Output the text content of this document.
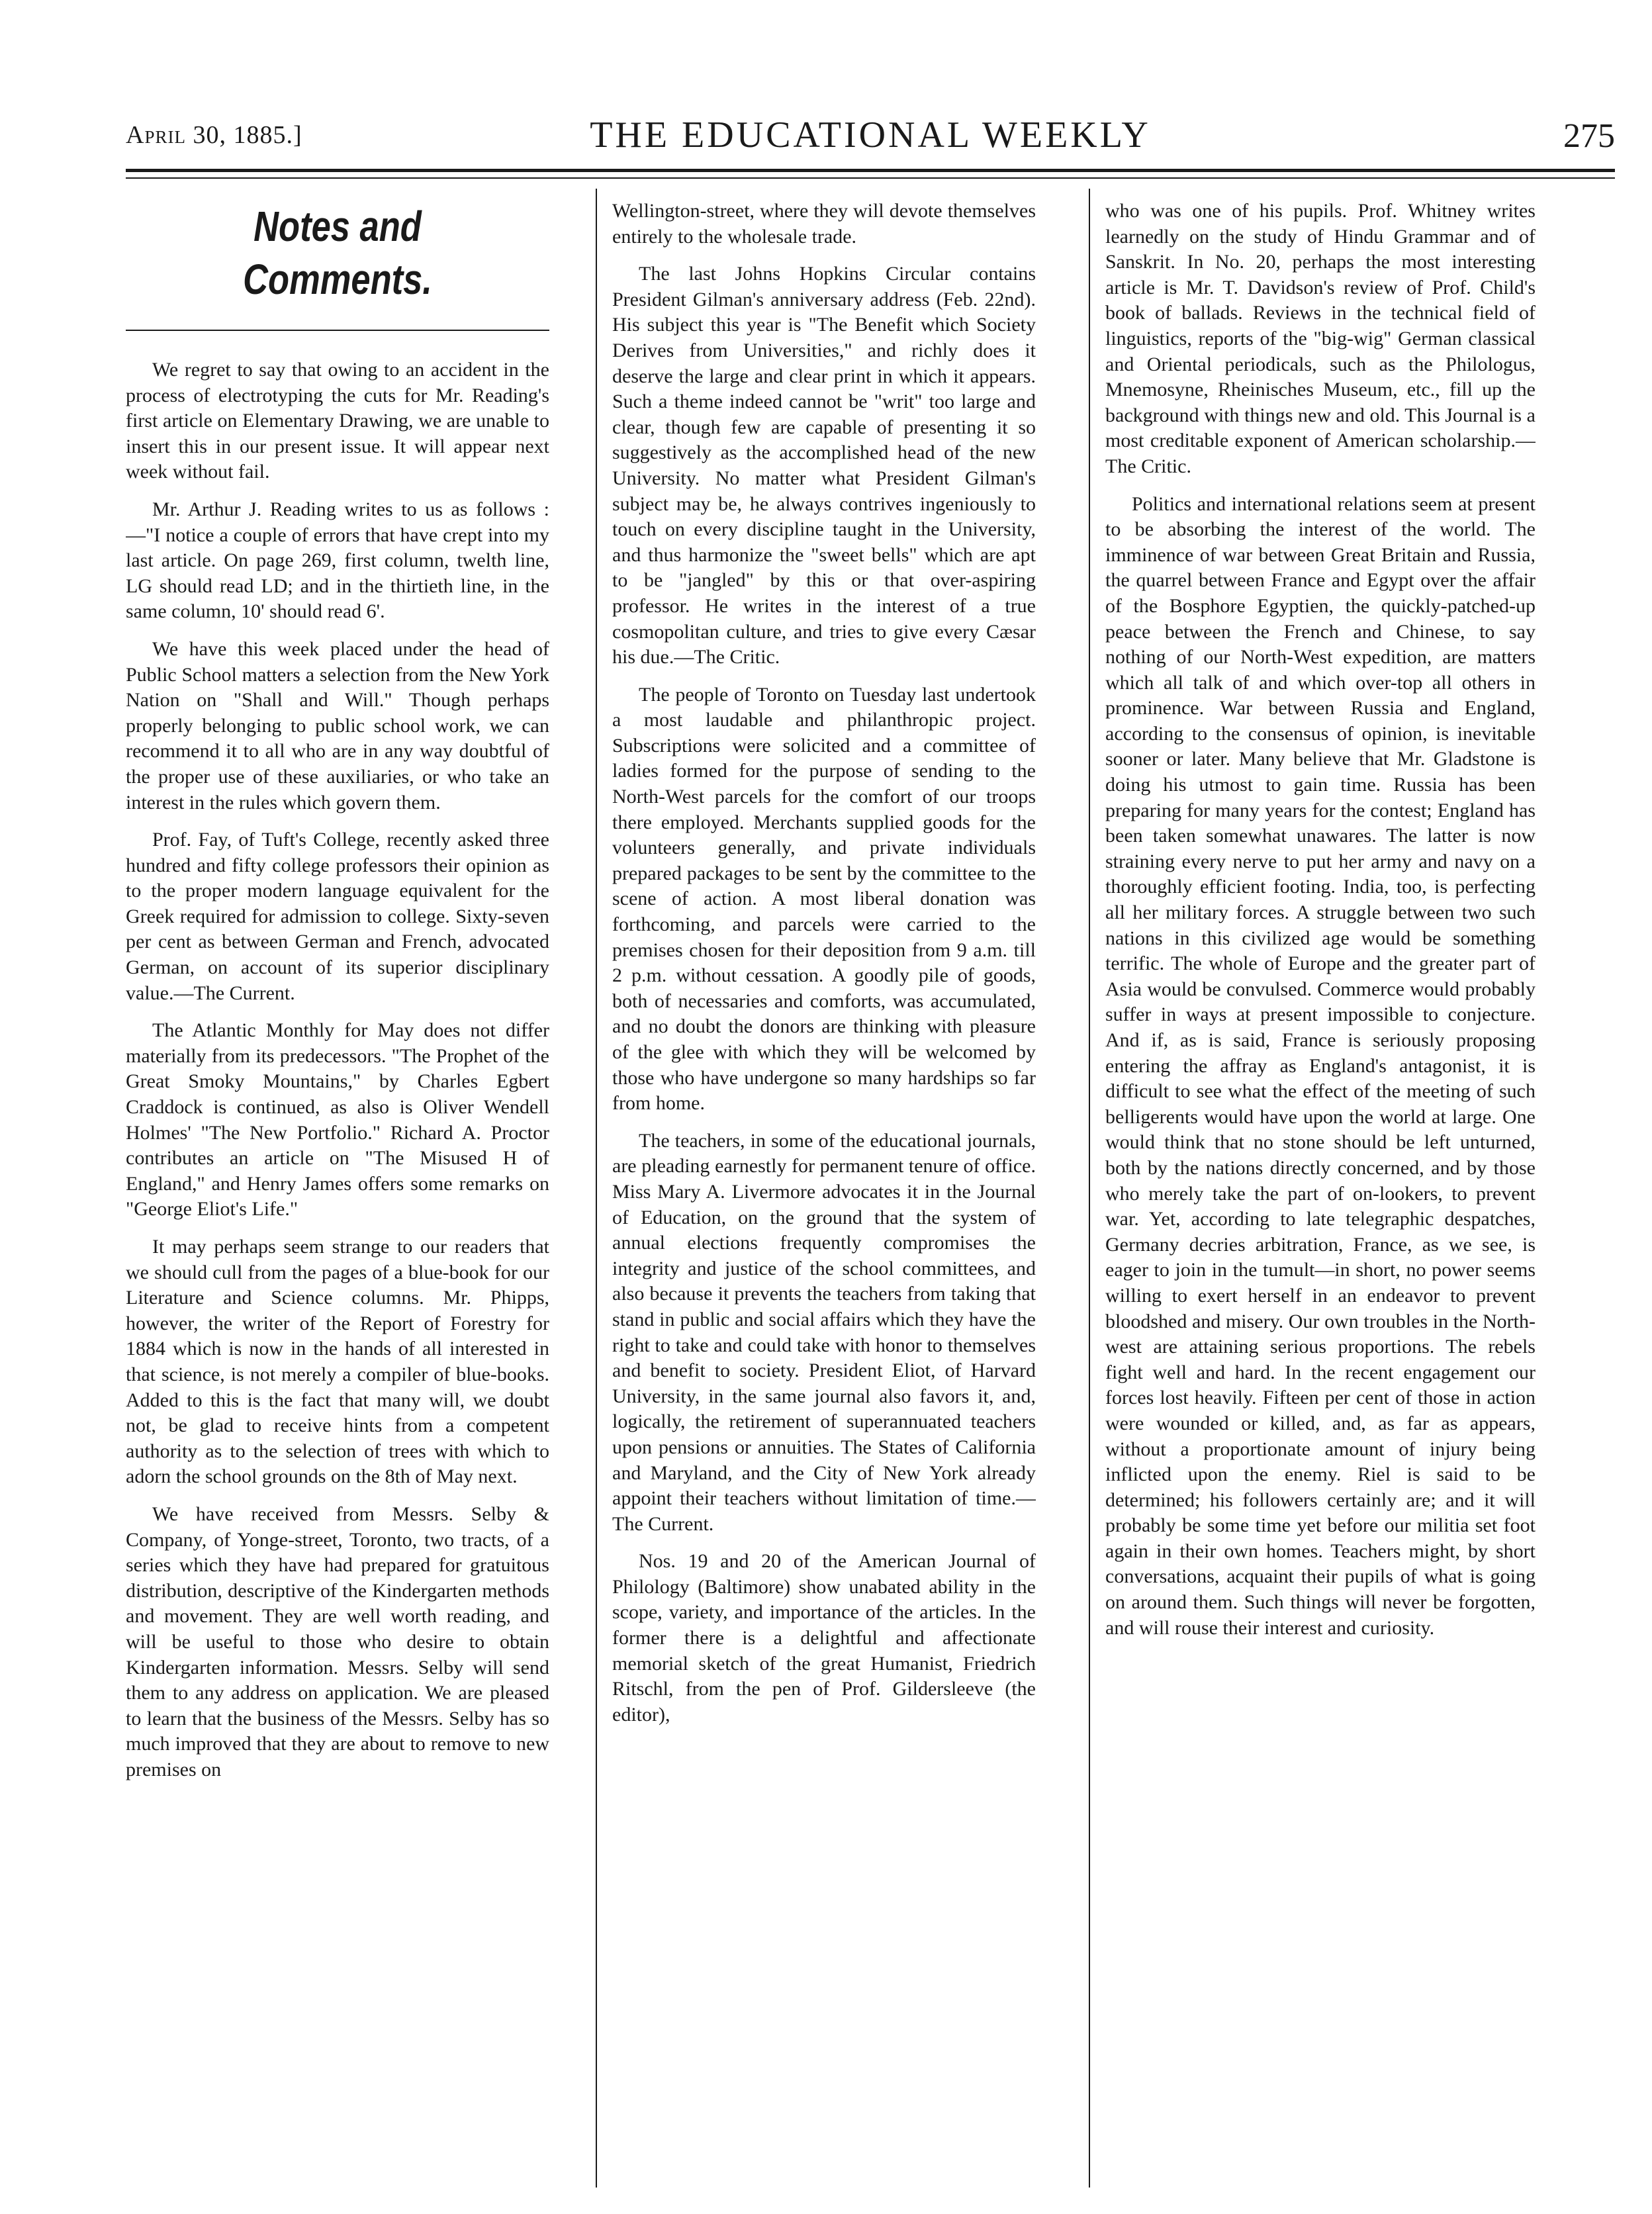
April 30, 1885.]	THE EDUCATIONAL WEEKLY	275
Notes and Comments.

We regret to say that owing to an accident in the process of electrotyping the cuts for Mr. Reading's first article on Elementary Drawing, we are unable to insert this in our present issue. It will appear next week without fail.

Mr. Arthur J. Reading writes to us as follows :—"I notice a couple of errors that have crept into my last article. On page 269, first column, twelth line, LG should read LD; and in the thirtieth line, in the same column, 10' should read 6'.

We have this week placed under the head of Public School matters a selection from the New York Nation on "Shall and Will." Though perhaps properly belonging to public school work, we can recommend it to all who are in any way doubtful of the proper use of these auxiliaries, or who take an interest in the rules which govern them.

Prof. Fay, of Tuft's College, recently asked three hundred and fifty college professors their opinion as to the proper modern language equivalent for the Greek required for admission to college. Sixty-seven per cent as between German and French, advocated German, on account of its superior disciplinary value.—The Current.

The Atlantic Monthly for May does not differ materially from its predecessors. "The Prophet of the Great Smoky Mountains," by Charles Egbert Craddock is continued, as also is Oliver Wendell Holmes' "The New Portfolio." Richard A. Proctor contributes an article on "The Misused H of England," and Henry James offers some remarks on "George Eliot's Life."

It may perhaps seem strange to our readers that we should cull from the pages of a blue-book for our Literature and Science columns. Mr. Phipps, however, the writer of the Report of Forestry for 1884 which is now in the hands of all interested in that science, is not merely a compiler of blue-books. Added to this is the fact that many will, we doubt not, be glad to receive hints from a competent authority as to the selection of trees with which to adorn the school grounds on the 8th of May next.

We have received from Messrs. Selby & Company, of Yonge-street, Toronto, two tracts, of a series which they have had prepared for gratuitous distribution, descriptive of the Kindergarten methods and movement. They are well worth reading, and will be useful to those who desire to obtain Kindergarten information. Messrs. Selby will send them to any address on application. We are pleased to learn that the business of the Messrs. Selby has so much improved that they are about to remove to new premises on

Wellington-street, where they will devote themselves entirely to the wholesale trade.

The last Johns Hopkins Circular contains President Gilman's anniversary address (Feb. 22nd). His subject this year is "The Benefit which Society Derives from Universities," and richly does it deserve the large and clear print in which it appears. Such a theme indeed cannot be "writ" too large and clear, though few are capable of presenting it so suggestively as the accomplished head of the new University. No matter what President Gilman's subject may be, he always contrives ingeniously to touch on every discipline taught in the University, and thus harmonize the "sweet bells" which are apt to be "jangled" by this or that over-aspiring professor. He writes in the interest of a true cosmopolitan culture, and tries to give every Cæsar his due.—The Critic.

The people of Toronto on Tuesday last undertook a most laudable and philanthropic project. Subscriptions were solicited and a committee of ladies formed for the purpose of sending to the North-West parcels for the comfort of our troops there employed. Merchants supplied goods for the volunteers generally, and private individuals prepared packages to be sent by the committee to the scene of action. A most liberal donation was forthcoming, and parcels were carried to the premises chosen for their deposition from 9 a.m. till 2 p.m. without cessation. A goodly pile of goods, both of necessaries and comforts, was accumulated, and no doubt the donors are thinking with pleasure of the glee with which they will be welcomed by those who have undergone so many hardships so far from home.

The teachers, in some of the educational journals, are pleading earnestly for permanent tenure of office. Miss Mary A. Livermore advocates it in the Journal of Education, on the ground that the system of annual elections frequently compromises the integrity and justice of the school committees, and also because it prevents the teachers from taking that stand in public and social affairs which they have the right to take and could take with honor to themselves and benefit to society. President Eliot, of Harvard University, in the same journal also favors it, and, logically, the retirement of superannuated teachers upon pensions or annuities. The States of California and Maryland, and the City of New York already appoint their teachers without limitation of time.—The Current.

Nos. 19 and 20 of the American Journal of Philology (Baltimore) show unabated ability in the scope, variety, and importance of the articles. In the former there is a delightful and affectionate memorial sketch of the great Humanist, Friedrich Ritschl, from the pen of Prof. Gildersleeve (the editor),

who was one of his pupils. Prof. Whitney writes learnedly on the study of Hindu Grammar and of Sanskrit. In No. 20, perhaps the most interesting article is Mr. T. Davidson's review of Prof. Child's book of ballads. Reviews in the technical field of linguistics, reports of the "big-wig" German classical and Oriental periodicals, such as the Philologus, Mnemosyne, Rheinisches Museum, etc., fill up the background with things new and old. This Journal is a most creditable exponent of American scholarship.—The Critic.

Politics and international relations seem at present to be absorbing the interest of the world. The imminence of war between Great Britain and Russia, the quarrel between France and Egypt over the affair of the Bosphore Egyptien, the quickly-patched-up peace between the French and Chinese, to say nothing of our North-West expedition, are matters which all talk of and which over-top all others in prominence. War between Russia and England, according to the consensus of opinion, is inevitable sooner or later. Many believe that Mr. Gladstone is doing his utmost to gain time. Russia has been preparing for many years for the contest; England has been taken somewhat unawares. The latter is now straining every nerve to put her army and navy on a thoroughly efficient footing. India, too, is perfecting all her military forces. A struggle between two such nations in this civilized age would be something terrific. The whole of Europe and the greater part of Asia would be convulsed. Commerce would probably suffer in ways at present impossible to conjecture. And if, as is said, France is seriously proposing entering the affray as England's antagonist, it is difficult to see what the effect of the meeting of such belligerents would have upon the world at large. One would think that no stone should be left unturned, both by the nations directly concerned, and by those who merely take the part of on-lookers, to prevent war. Yet, according to late telegraphic despatches, Germany decries arbitration, France, as we see, is eager to join in the tumult—in short, no power seems willing to exert herself in an endeavor to prevent bloodshed and misery. Our own troubles in the North-west are attaining serious proportions. The rebels fight well and hard. In the recent engagement our forces lost heavily. Fifteen per cent of those in action were wounded or killed, and, as far as appears, without a proportionate amount of injury being inflicted upon the enemy. Riel is said to be determined; his followers certainly are; and it will probably be some time yet before our militia set foot again in their own homes. Teachers might, by short conversations, acquaint their pupils of what is going on around them. Such things will never be forgotten, and will rouse their interest and curiosity.
